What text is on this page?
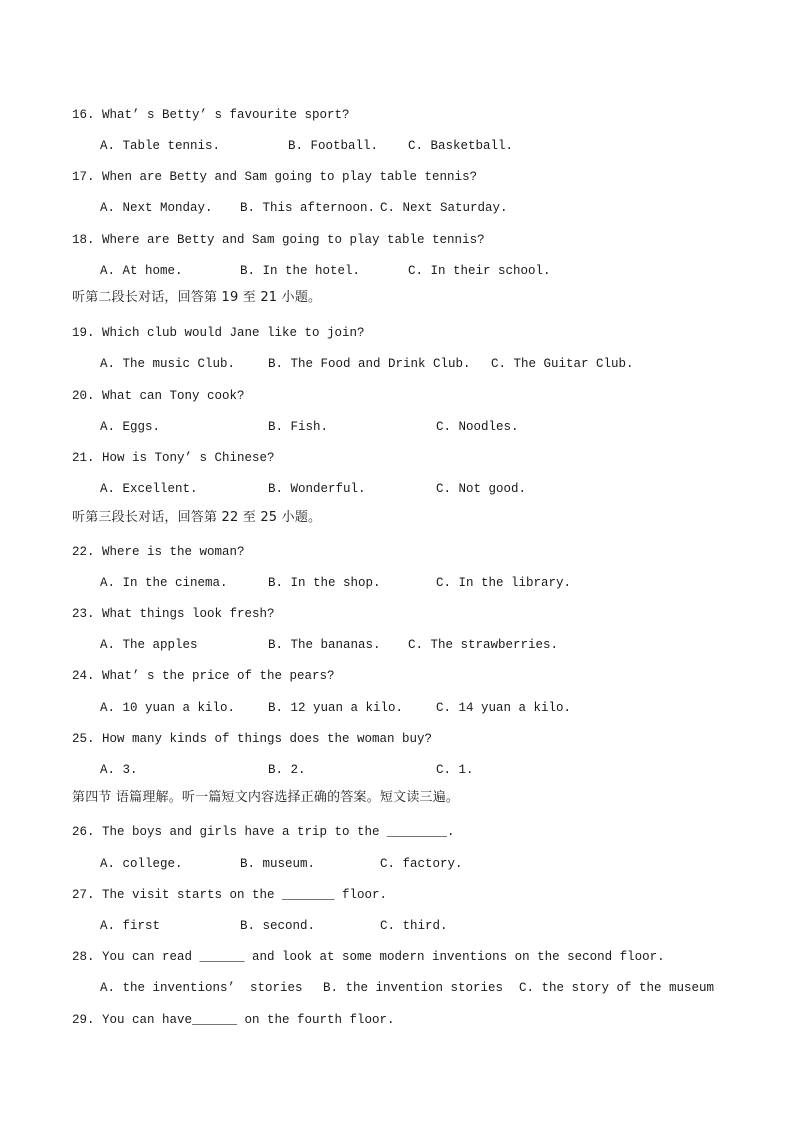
16. What’ s Betty’ s favourite sport?
A. Table tennis.	B. Football. C. Basketball.
17. When are Betty and Sam going to play table tennis?
A. Next Monday. B. This afternoon. C. Next Saturday.
18. Where are Betty and Sam going to play table tennis?
A. At home.	B. In the hotel.	C. In their school.
听第二段长对话，回答第 19 至 21 小题。
19. Which club would Jane like to join?
A. The music Club.	B. The Food and Drink Club. C. The Guitar Club.
20. What can Tony cook?
A. Eggs.	B. Fish.	C. Noodles.
21. How is Tony’ s Chinese?
A. Excellent.	B. Wonderful.	C. Not good.
听第三段长对话，回答第 22 至 25 小题。
22. Where is the woman?
A. In the cinema.	B. In the shop.	C. In the library.
23. What things look fresh?
A. The apples	B. The bananas. C. The strawberries.
24. What’ s the price of the pears?
A. 10 yuan a kilo.	B. 12 yuan a kilo.	C. 14 yuan a kilo.
25. How many kinds of things does the woman buy?
A. 3.	B. 2.	C. 1.
第四节 语篇理解。听一篇短文内容选择正确的答案。短文读三遍。
26. The boys and girls have a trip to the ________.
A. college.	B. museum.	C. factory.
27. The visit starts on the _______ floor.
A. first	B. second.	C. third.
28. You can read ______ and look at some modern inventions on the second floor.
A. the inventions’  stories B. the invention stories C. the story of the museum
29. You can have______ on the fourth floor.
